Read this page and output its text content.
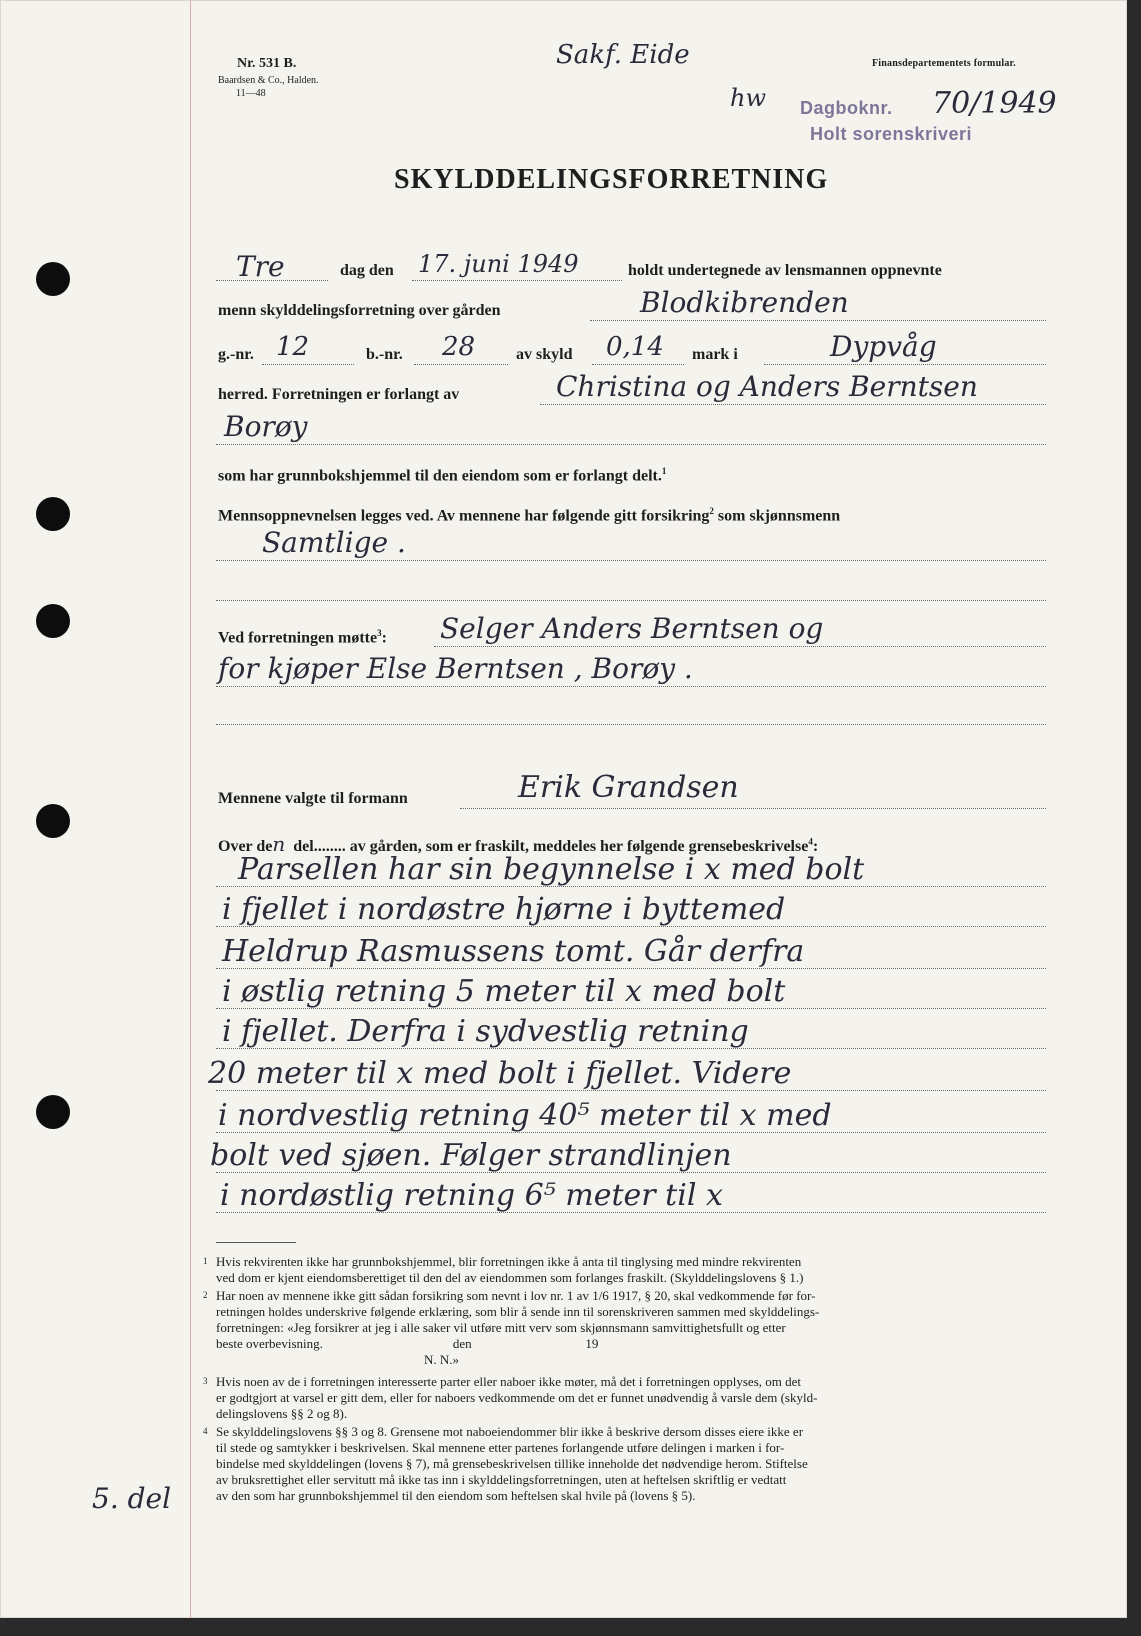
Nr. 531 B.
Baardsen & Co., Halden.
11—48
Finansdepartementets formular.
Sakf. Eide
hw Dagboknr. 70/1949
Holt sorenskriveri
SKYLDDELINGSFORRETNING
Tre	dag den 17. juni 1949	holdt undertegnede av lensmannen oppnevnte
menn skylddelingsforretning over gården	Blodkibrenden
g.-nr. 12	b.-nr. 28	av skyld 0,14 mark i	Dypvåg
herred. Forretningen er forlangt av	Christina og Anders Berntsen
Borøy
som har grunnbokshjemmel til den eiendom som er forlangt delt.$^1$
Mennsoppnevnelsen legges ved. Av mennene har følgende gitt forsikring$^2$ som skjønnsmenn
Samtlige .
Ved forretningen møtte$^3$: Selger Anders Berntsen og
for kjøper Else Berntsen , Borøy .
Mennene valgte til formann	Erik Grandsen
Over den del........ av gården, som er fraskilt, meddeles her følgende grensebeskrivelse$^4$:
Parsellen har sin begynnelse i x med bolt
i fjellet i nordøstre hjørne i byttemed
Heldrup Rasmussens tomt. Går derfra
i østlig retning 5 meter til x med bolt
i fjellet. Derfra i sydvestlig retning
20 meter til x med bolt i fjellet. Videre
i nordvestlig retning 40⁵ meter til x med
bolt ved sjøen. Følger strandlinjen
i nordøstlig retning 6⁵ meter til x
1 Hvis rekvirenten ikke har grunnbokshjemmel, blir forretningen ikke å anta til tinglysing med mindre rekvirenten
ved dom er kjent eiendomsberettiget til den del av eiendommen som forlanges fraskilt. (Skylddelingslovens § 1.)
2 Har noen av mennene ikke gitt sådan forsikring som nevnt i lov nr. 1 av 1/6 1917, § 20, skal vedkommende før for-
retningen holdes underskrive følgende erklæring, som blir å sende inn til sorenskriveren sammen med skylddelings-
forretningen: «Jeg forsikrer at jeg i alle saker vil utføre mitt verv som skjønnsmann samvittighetsfullt og etter
beste overbevisning.                                        den                                   19
N. N.»
3 Hvis noen av de i forretningen interesserte parter eller naboer ikke møter, må det i forretningen opplyses, om det
er godtgjort at varsel er gitt dem, eller for naboers vedkommende om det er funnet unødvendig å varsle dem (skyld-
delingslovens §§ 2 og 8).
4 Se skylddelingslovens §§ 3 og 8. Grensene mot naboeiendommer blir ikke å beskrive dersom disses eiere ikke er
til stede og samtykker i beskrivelsen. Skal mennene etter partenes forlangende utføre delingen i marken i for-
bindelse med skylddelingen (lovens § 7), må grensebeskrivelsen tillike inneholde det nødvendige herom. Stiftelse
av bruksrettighet eller servitutt må ikke tas inn i skylddelingsforretningen, uten at heftelsen skriftlig er vedtatt
av den som har grunnbokshjemmel til den eiendom som heftelsen skal hvile på (lovens § 5).
5. del
